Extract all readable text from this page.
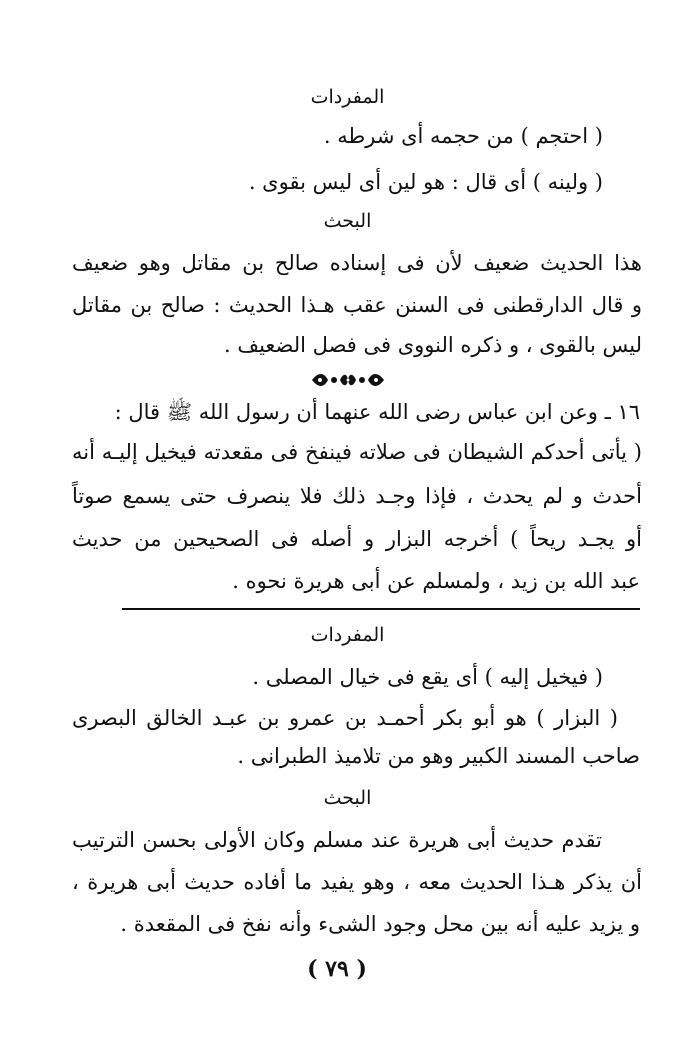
المفردات
( احتجم ) من حجمه أى شرطه .
( ولينه ) أى قال : هو لين أى ليس بقوى .
البحث
هذا الحديث ضعيف لأن فى إسناده صالح بن مقاتل وهو ضعيف
و قال الدارقطنى فى السنن عقب هـذا الحديث : صالح بن مقاتل
ليس بالقوى ، و ذكره النووى فى فصل الضعيف .
١٦ ـ وعن ابن عباس رضى الله عنهما أن رسول الله ﷺ قال :
( يأتى أحدكم الشيطان فى صلاته فينفخ فى مقعدته فيخيل إليـه أنه
أحدث و لم يحدث ، فإذا وجـد ذلك فلا ينصرف حتى يسمع صوتاً
أو يجـد ريحاً ) أخرجه البزار و أصله فى الصحيحين من حديث
عبد الله بن زيد ، ولمسلم عن أبى هريرة نحوه .
المفردات
( فيخيل إليه ) أى يقع فى خيال المصلى .
( البزار ) هو أبو بكر أحمـد بن عمرو بن عبـد الخالق البصرى
صاحب المسند الكبير وهو من تلاميذ الطبرانى .
البحث
تقدم حديث أبى هريرة عند مسلم وكان الأولى بحسن الترتيب
أن يذكر هـذا الحديث معه ، وهو يفيد ما أفاده حديث أبى هريرة ،
و يزيد عليه أنه بين محل وجود الشىء وأنه نفخ فى المقعدة .
( ٧٩ )
